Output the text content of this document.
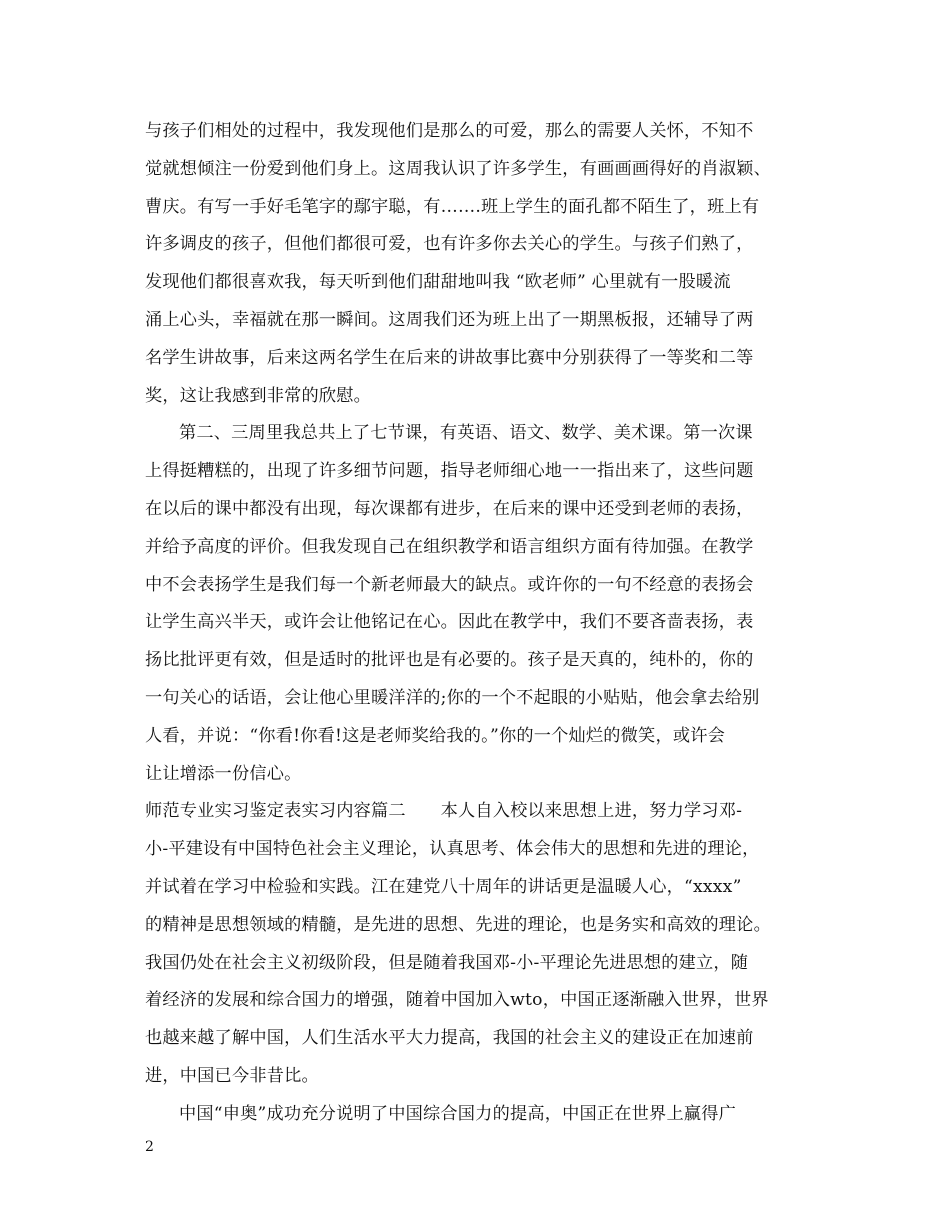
与孩子们相处的过程中，我发现他们是那么的可爱，那么的需要人关怀，不知不
觉就想倾注一份爱到他们身上。这周我认识了许多学生，有画画画得好的肖淑颖、
曹庆。有写一手好毛笔字的鄢宇聪，有…….班上学生的面孔都不陌生了，班上有
许多调皮的孩子，但他们都很可爱，也有许多你去关心的学生。与孩子们熟了，
发现他们都很喜欢我，每天听到他们甜甜地叫我 “欧老师” 心里就有一股暖流
涌上心头，幸福就在那一瞬间。这周我们还为班上出了一期黑板报，还辅导了两
名学生讲故事，后来这两名学生在后来的讲故事比赛中分别获得了一等奖和二等
奖，这让我感到非常的欣慰。
第二、三周里我总共上了七节课，有英语、语文、数学、美术课。第一次课
上得挺糟糕的，出现了许多细节问题，指导老师细心地一一指出来了，这些问题
在以后的课中都没有出现，每次课都有进步，在后来的课中还受到老师的表扬，
并给予高度的评价。但我发现自己在组织教学和语言组织方面有待加强。在教学
中不会表扬学生是我们每一个新老师最大的缺点。或许你的一句不经意的表扬会
让学生高兴半天，或许会让他铭记在心。因此在教学中，我们不要吝啬表扬，表
扬比批评更有效，但是适时的批评也是有必要的。孩子是天真的，纯朴的，你的
一句关心的话语，会让他心里暖洋洋的;你的一个不起眼的小贴贴，他会拿去给别
人看，并说：“你看!你看!这是老师奖给我的。”你的一个灿烂的微笑，或许会
让让增添一份信心。
师范专业实习鉴定表实习内容篇二　　本人自入校以来思想上进，努力学习邓-
小-平建设有中国特色社会主义理论，认真思考、体会伟大的思想和先进的理论，
并试着在学习中检验和实践。江在建党八十周年的讲话更是温暖人心，“xxxx”
的精神是思想领域的精髓，是先进的思想、先进的理论，也是务实和高效的理论。
我国仍处在社会主义初级阶段，但是随着我国邓-小-平理论先进思想的建立，随
着经济的发展和综合国力的增强，随着中国加入wto，中国正逐渐融入世界，世界
也越来越了解中国，人们生活水平大力提高，我国的社会主义的建设正在加速前
进，中国已今非昔比。
中国“申奥”成功充分说明了中国综合国力的提高，中国正在世界上赢得广
2
